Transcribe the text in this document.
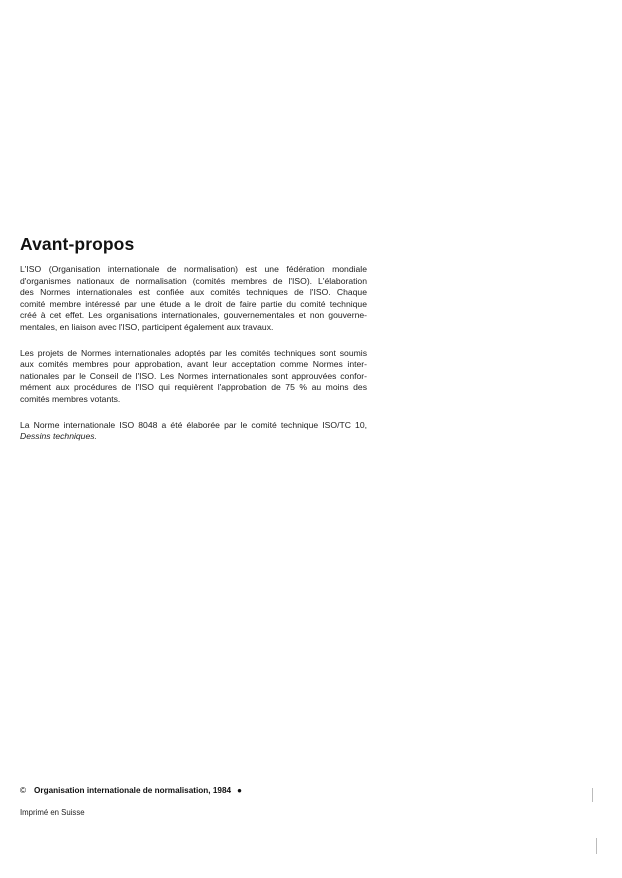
Avant-propos

L'ISO (Organisation internationale de normalisation) est une fédération mondiale
d'organismes nationaux de normalisation (comités membres de l'ISO). L'élaboration
des Normes internationales est confiée aux comités techniques de l'ISO. Chaque
comité membre intéressé par une étude a le droit de faire partie du comité technique
créé à cet effet. Les organisations internationales, gouvernementales et non gouverne-
mentales, en liaison avec l'ISO, participent également aux travaux.

Les projets de Normes internationales adoptés par les comités techniques sont soumis
aux comités membres pour approbation, avant leur acceptation comme Normes inter-
nationales par le Conseil de l'ISO. Les Normes internationales sont approuvées confor-
mément aux procédures de l'ISO qui requièrent l'approbation de 75 % au moins des
comités membres votants.

La Norme internationale ISO 8048 a été élaborée par le comité technique ISO/TC 10,
Dessins techniques.

© Organisation internationale de normalisation, 1984 ●
Imprimé en Suisse
